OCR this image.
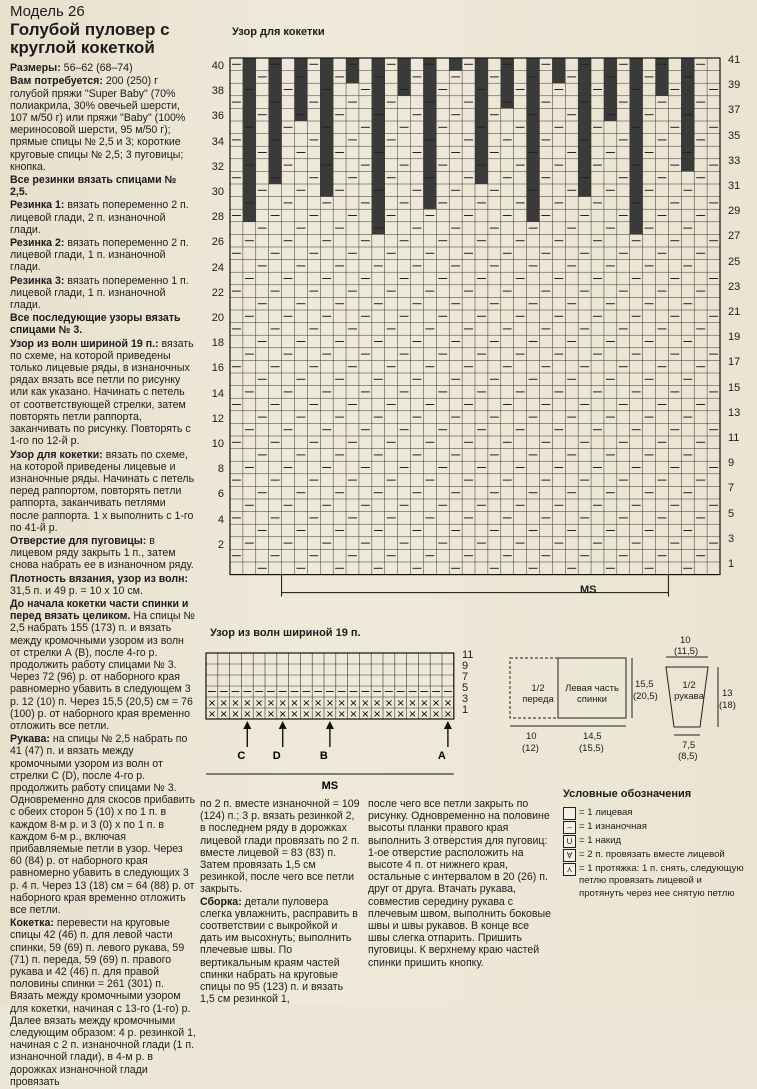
Модель 26
Голубой пуловер с круглой кокеткой
Размеры: 56–62 (68–74)
Вам потребуется: 200 (250) г голубой пряжи "Super Baby" (70% полиакрила, 30% овечьей шерсти, 107 м/50 г) или пряжи "Baby" (100% мериносовой шерсти, 95 м/50 г); прямые спицы № 2,5 и 3; короткие круговые спицы № 2,5; 3 пуговицы; кнопка.
Все резинки вязать спицами № 2,5.
Резинка 1: вязать попеременно 2 п. лицевой глади, 2 п. изнаночной глади.
Резинка 2: вязать попеременно 2 п. лицевой глади, 1 п. изнаночной глади.
Резинка 3: вязать попеременно 1 п. лицевой глади, 1 п. изнаночной глади.
Все последующие узоры вязать спицами № 3.
Узор из волн шириной 19 п.: вязать по схеме, на которой приведены только лицевые ряды, в изнаночных рядах вязать все петли по рисунку или как указано. Начинать с петель от соответствующей стрелки, затем повторять петли раппорта, заканчивать по рисунку. Повторять с 1-го по 12-й р.
Узор для кокетки: вязать по схеме, на которой приведены лицевые и изнаночные ряды. Начинать с петель перед раппортом, повторять петли раппорта, заканчивать петлями после раппорта. 1 х выполнить с 1-го по 41-й р.
Отверстие для пуговицы: в лицевом ряду закрыть 1 п., затем снова набрать ее в изнаночном ряду.
Плотность вязания, узор из волн: 31,5 п. и 49 р. = 10 х 10 см.
До начала кокетки части спинки и перед вязать целиком. На спицы № 2,5 набрать 155 (173) п. и вязать между кромочными узором из волн от стрелки А (В), после 4-го р. продолжить работу спицами № 3. Через 72 (96) р. от наборного края равномерно убавить в следующем 3 р. 12 (10) п. Через 15,5 (20,5) см = 76 (100) р. от наборного края временно отложить все петли.
Рукава: на спицы № 2,5 набрать по 41 (47) п. и вязать между кромочными узором из волн от стрелки С (D), после 4-го р. продолжить работу спицами № 3. Одновременно для скосов прибавить с обеих сторон 5 (10) х по 1 п. в каждом 8-м р. и 3 (0) х по 1 п. в каждом 6-м р., включая прибавляемые петли в узор. Через 60 (84) р. от наборного края равномерно убавить в следующих 3 р. 4 п. Через 13 (18) см = 64 (88) р. от наборного края временно отложить все петли.
Кокетка: перевести на круговые спицы 42 (46) п. для левой части спинки, 59 (69) п. левого рукава, 59 (71) п. переда, 59 (69) п. правого рукава и 42 (46) п. для правой половины спинки = 261 (301) п. Вязать между кромочными узором для кокетки, начиная с 13-го (1-го) р. Далее вязать между кромочными следующим образом: 4 р. резинкой 1, начиная с 2 п. изнаночной глади (1 п. изнаночной глади), в 4-м р. в дорожках изнаночной глади провязать
Узор для кокетки
40
38
36
34
32
30
28
26
24
22
20
18
16
14
12
10
8
6
4
2
41
39
37
35
33
31
29
27
25
23
21
19
17
15
13
11
9
7
5
3
1
MS
Узор из волн шириной 19 п.
× × × × × × × × × × × × × × × × × × × × ×
× × × × × × × × × × × × × × × × × × × × ×
C D	B	A
MS
11
9
7
5
3
1
1/2 переда
Левая часть спинки
15,5
(20,5)
10
(12)
14,5
(15,5)
10
(11,5)
1/2 рукава 13
(18)
7,5
(8,5)
Условные обозначения
= 1 лицевая
– = 1 изнаночная
U = 1 накид
∀ = 2 п. провязать вместе лицевой
⋏ = 1 протяжка: 1 п. снять, следующую петлю провязать лицевой и протянуть через нее снятую петлю
по 2 п. вместе изнаночной = 109 (124) п.; 3 р. вязать резинкой 2, в последнем ряду в дорожках лицевой глади провязать по 2 п. вместе лицевой = 83 (83) п. Затем провязать 1,5 см резинкой, после чего все петли закрыть.
Сборка: детали пуловера слегка увлажнить, расправить в соответствии с выкройкой и дать им высохнуть; выполнить плечевые швы. По вертикальным краям частей спинки набрать на круговые спицы по 95 (123) п. и вязать 1,5 см резинкой 1,
после чего все петли закрыть по рисунку. Одновременно на половине высоты планки правого края выполнить 3 отверстия для пуговиц: 1-ое отверстие расположить на высоте 4 п. от нижнего края, остальные с интервалом в 20 (26) п. друг от друга. Втачать рукава, совместив середину рукава с плечевым швом, выполнить боковые швы и швы рукавов. В конце все швы слегка отпарить. Пришить пуговицы. К верхнему краю частей спинки пришить кнопку.
